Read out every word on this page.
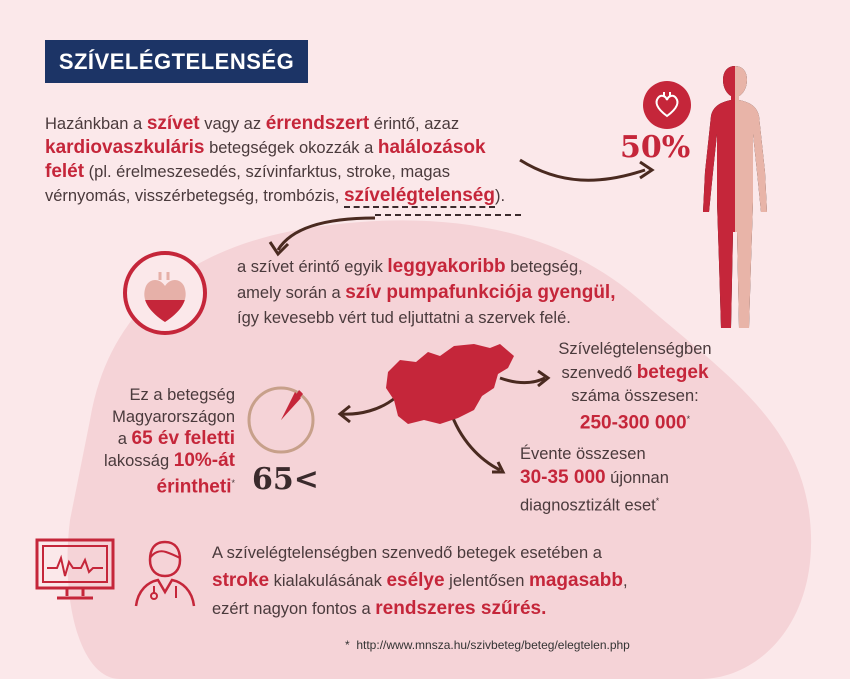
SZÍVELÉGTELENSÉG
Hazánkban a szívet vagy az érrendszert érintő, azaz
kardiovaszkuláris betegségek okozzák a halálozások
felét (pl. érelmeszesedés, szívinfarktus, stroke, magas
vérnyomás, visszérbetegség, trombózis, szívelégtelenség).
50%
a szívet érintő egyik leggyakoribb betegség,
amely során a szív pumpafunkciója gyengül,
így kevesebb vért tud eljuttatni a szervek felé.
Ez a betegség
Magyarországon
a 65 év feletti
lakosság 10%-át
érintheti* 65<
Szívelégtelenségben
szenvedő betegek
száma összesen:
250-300 000*
Évente összesen
30-35 000 újonnan
diagnosztizált eset*
A szívelégtelenségben szenvedő betegek esetében a
stroke kialakulásának esélye jelentősen magasabb,
ezért nagyon fontos a rendszeres szűrés.
* http://www.mnsza.hu/szivbeteg/beteg/elegtelen.php
